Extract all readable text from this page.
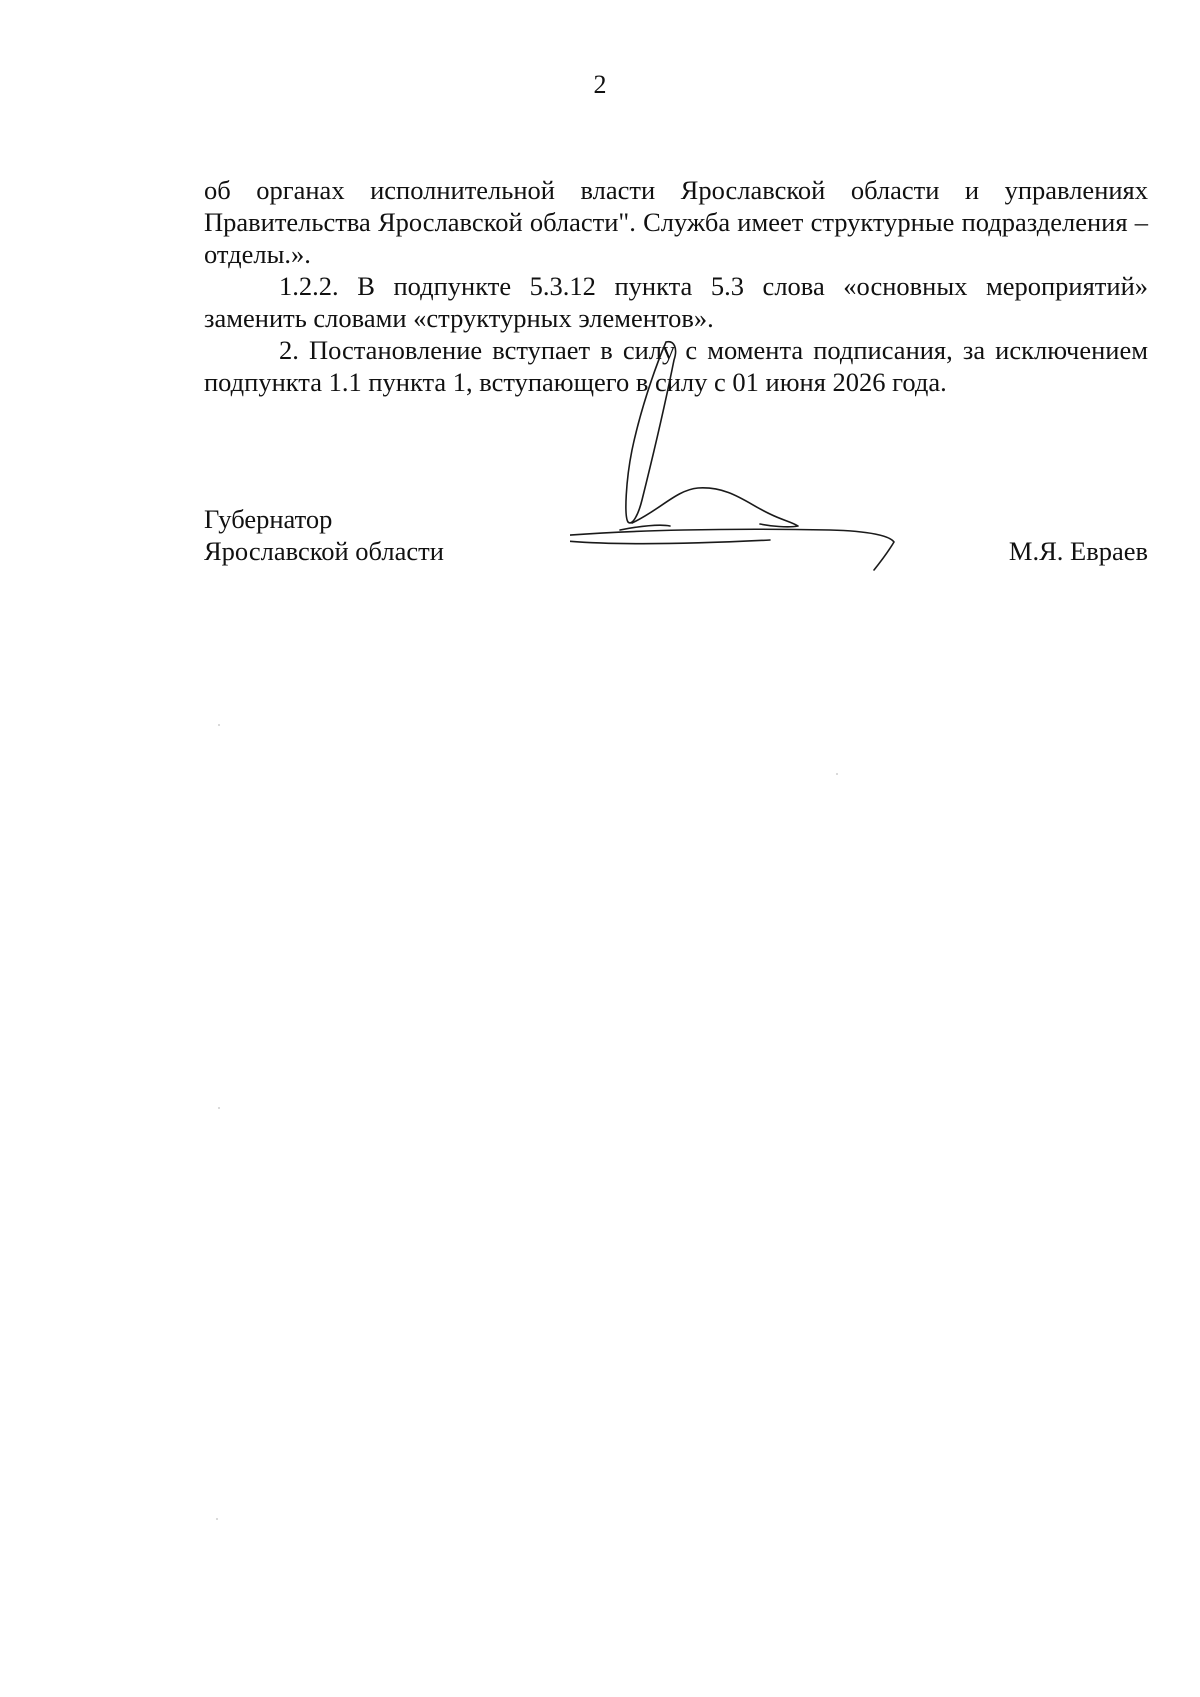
2

об органах исполнительной власти Ярославской области и управлениях Правительства Ярославской области". Служба имеет структурные подразделения – отделы.».

1.2.2. В подпункте 5.3.12 пункта 5.3 слова «основных мероприятий» заменить словами «структурных элементов».

2. Постановление вступает в силу с момента подписания, за исключением подпункта 1.1 пункта 1, вступающего в силу с 01 июня 2026 года.

Губернатор
Ярославской области	М.Я. Евраев
